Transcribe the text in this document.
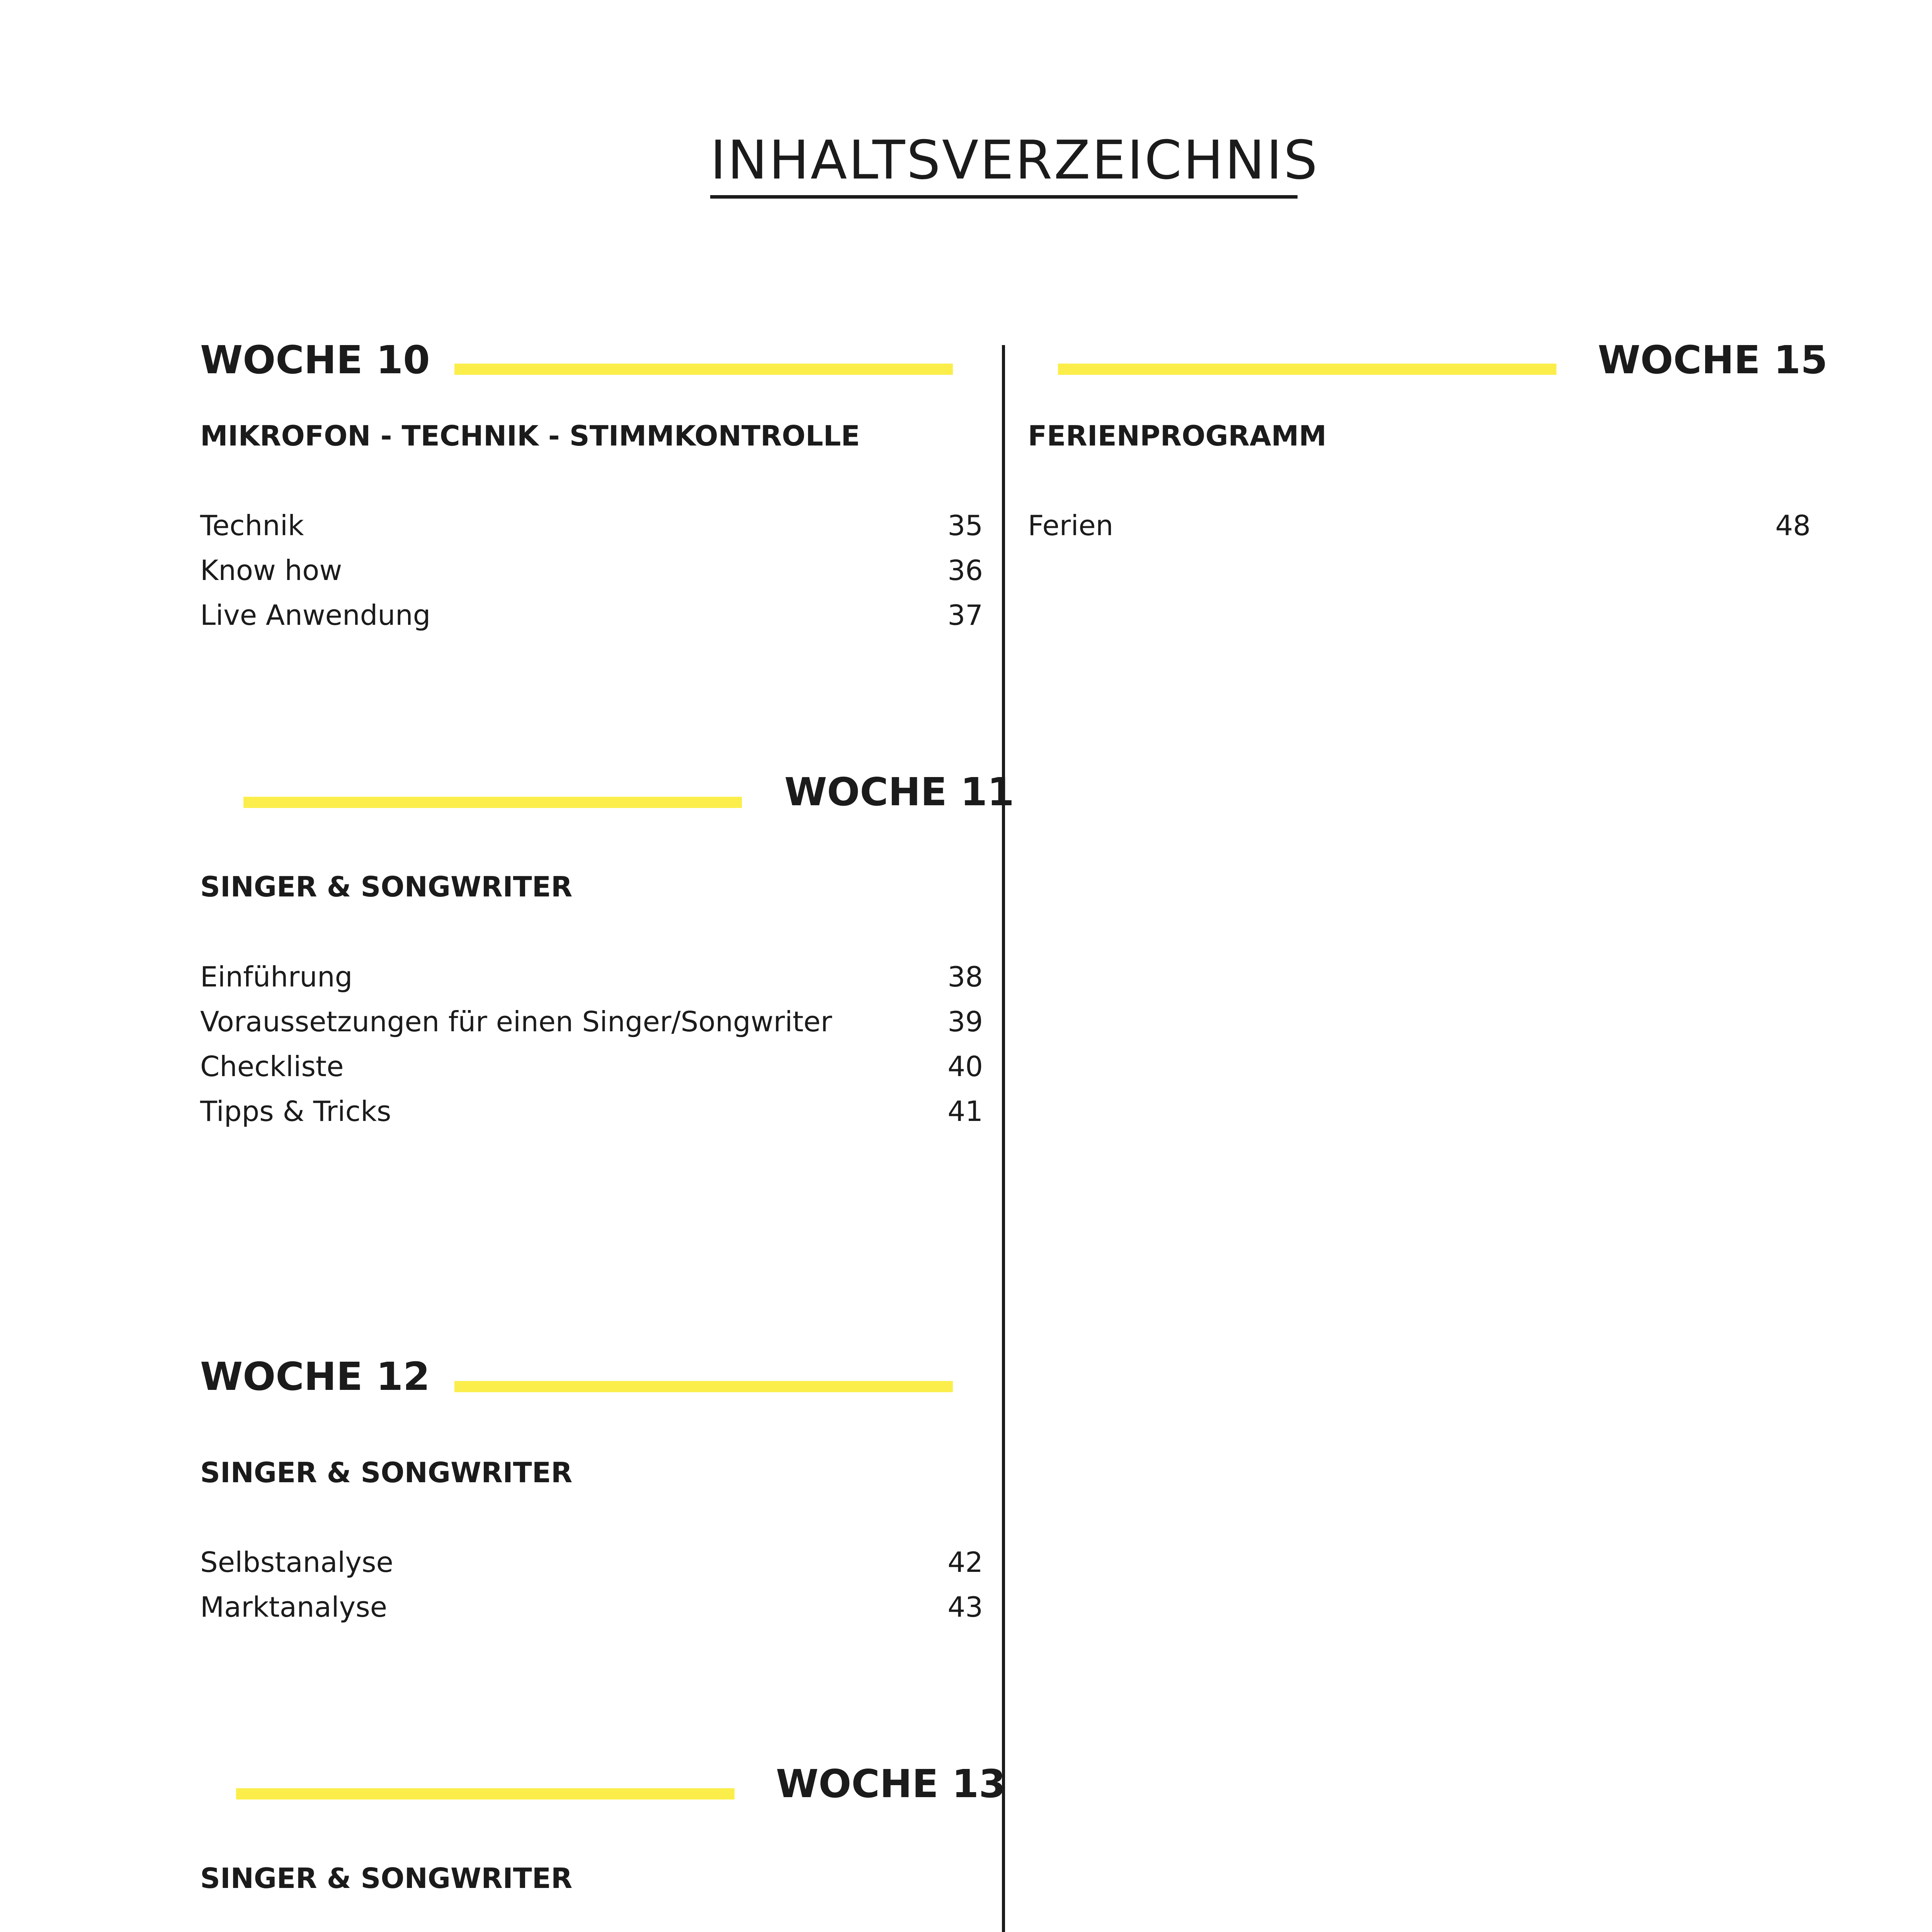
INHALTSVERZEICHNIS
WOCHE 10
MIKROFON - TECHNIK - STIMMKONTROLLE
Technik	35
Know how	36
Live Anwendung	37
WOCHE 11
SINGER & SONGWRITER
Einführung	38
Voraussetzungen für einen Singer/Songwriter	39
Checkliste	40
Tipps & Tricks	41
WOCHE 12
SINGER & SONGWRITER
Selbstanalyse	42
Marktanalyse	43
WOCHE 13
SINGER & SONGWRITER
WOCHE 15
FERIENPROGRAMM
Ferien	48
